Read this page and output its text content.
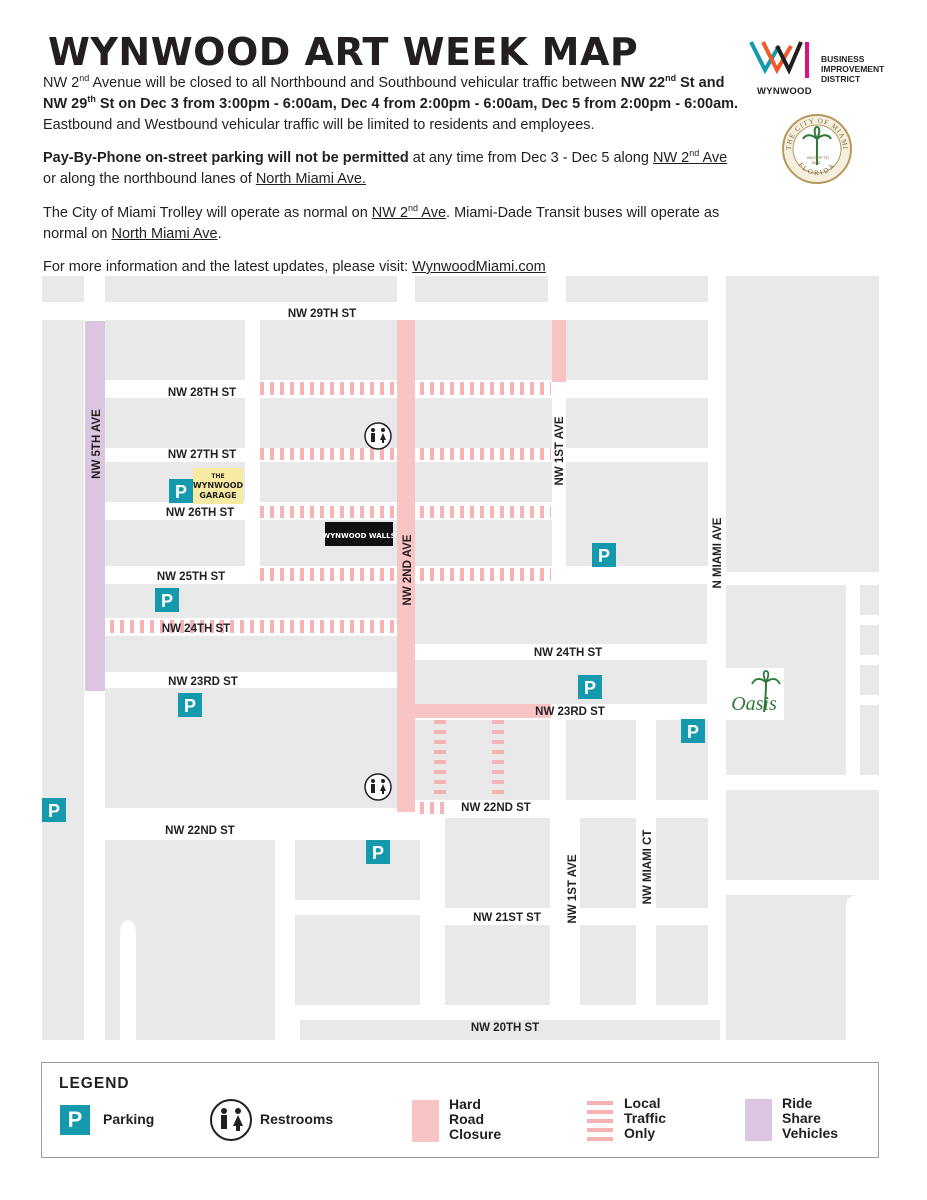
WYNWOOD ART WEEK MAP

NW 2nd Avenue will be closed to all Northbound and Southbound vehicular traffic between NW 22nd St and NW 29th St on Dec 3 from 3:00pm - 6:00am, Dec 4 from 2:00pm - 6:00am, Dec 5 from 2:00pm - 6:00am. Eastbound and Westbound vehicular traffic will be limited to residents and employees.

Pay-By-Phone on-street parking will not be permitted at any time from Dec 3 - Dec 5 along NW 2nd Ave or along the northbound lanes of North Miami Ave.

The City of Miami Trolley will operate as normal on NW 2nd Ave. Miami-Dade Transit buses will operate as normal on North Miami Ave.

For more information and the latest updates, please visit: WynwoodMiami.com

BUSINESS
IMPROVEMENT
DISTRICT
WYNWOOD
THE CITY OF MIAMI
FLORIDA
INCORP'TD
1896
NW 29TH ST
NW 28TH ST
NW 27TH ST
NW 26TH ST
NW 25TH ST
NW 24TH ST
NW 24TH ST
NW 23RD ST
NW 23RD ST
NW 22ND ST
NW 22ND ST
NW 21ST ST
NW 20TH ST
NW 5TH AVE
NW 2ND AVE
NW 1ST AVE
NW 1ST AVE
N MIAMI AVE
NW MIAMI CT
P
P
P
P
P
P
P
P
THE
WYNWOOD
GARAGE
WYNWOOD WALLS
Oasis
LEGEND
P	Parking	Restrooms
Hard
Road
Closure
Local
Traffic
Only
Ride
Share
Vehicles
